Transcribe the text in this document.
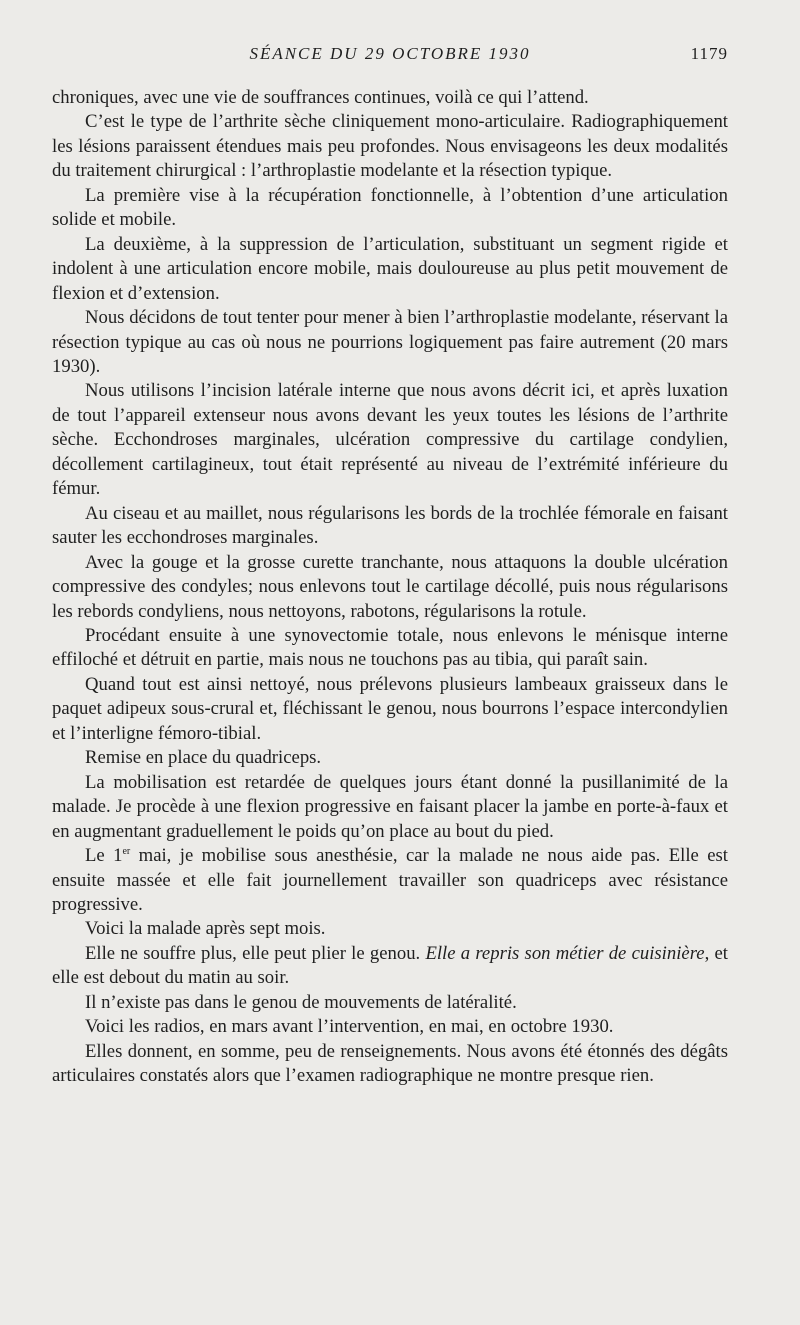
SÉANCE DU 29 OCTOBRE 1930	1179

chroniques, avec une vie de souffrances continues, voilà ce qui l’attend.

C’est le type de l’arthrite sèche cliniquement mono-articulaire. Radiographiquement les lésions paraissent étendues mais peu profondes. Nous envisageons les deux modalités du traitement chirurgical : l’arthroplastie modelante et la résection typique.

La première vise à la récupération fonctionnelle, à l’obtention d’une articulation solide et mobile.

La deuxième, à la suppression de l’articulation, substituant un segment rigide et indolent à une articulation encore mobile, mais douloureuse au plus petit mouvement de flexion et d’extension.

Nous décidons de tout tenter pour mener à bien l’arthroplastie modelante, réservant la résection typique au cas où nous ne pourrions logiquement pas faire autrement (20 mars 1930).

Nous utilisons l’incision latérale interne que nous avons décrit ici, et après luxation de tout l’appareil extenseur nous avons devant les yeux toutes les lésions de l’arthrite sèche. Ecchondroses marginales, ulcération compressive du cartilage condylien, décollement cartilagineux, tout était représenté au niveau de l’extrémité inférieure du fémur.

Au ciseau et au maillet, nous régularisons les bords de la trochlée fémorale en faisant sauter les ecchondroses marginales.

Avec la gouge et la grosse curette tranchante, nous attaquons la double ulcération compressive des condyles; nous enlevons tout le cartilage décollé, puis nous régularisons les rebords condyliens, nous nettoyons, rabotons, régularisons la rotule.

Procédant ensuite à une synovectomie totale, nous enlevons le ménisque interne effiloché et détruit en partie, mais nous ne touchons pas au tibia, qui paraît sain.

Quand tout est ainsi nettoyé, nous prélevons plusieurs lambeaux graisseux dans le paquet adipeux sous-crural et, fléchissant le genou, nous bourrons l’espace intercondylien et l’interligne fémoro-tibial.

Remise en place du quadriceps.

La mobilisation est retardée de quelques jours étant donné la pusillanimité de la malade. Je procède à une flexion progressive en faisant placer la jambe en porte-à-faux et en augmentant graduellement le poids qu’on place au bout du pied.

Le 1er mai, je mobilise sous anesthésie, car la malade ne nous aide pas. Elle est ensuite massée et elle fait journellement travailler son quadriceps avec résistance progressive.

Voici la malade après sept mois.

Elle ne souffre plus, elle peut plier le genou. Elle a repris son métier de cuisinière, et elle est debout du matin au soir.

Il n’existe pas dans le genou de mouvements de latéralité.

Voici les radios, en mars avant l’intervention, en mai, en octobre 1930.

Elles donnent, en somme, peu de renseignements. Nous avons été étonnés des dégâts articulaires constatés alors que l’examen radiographique ne montre presque rien.
